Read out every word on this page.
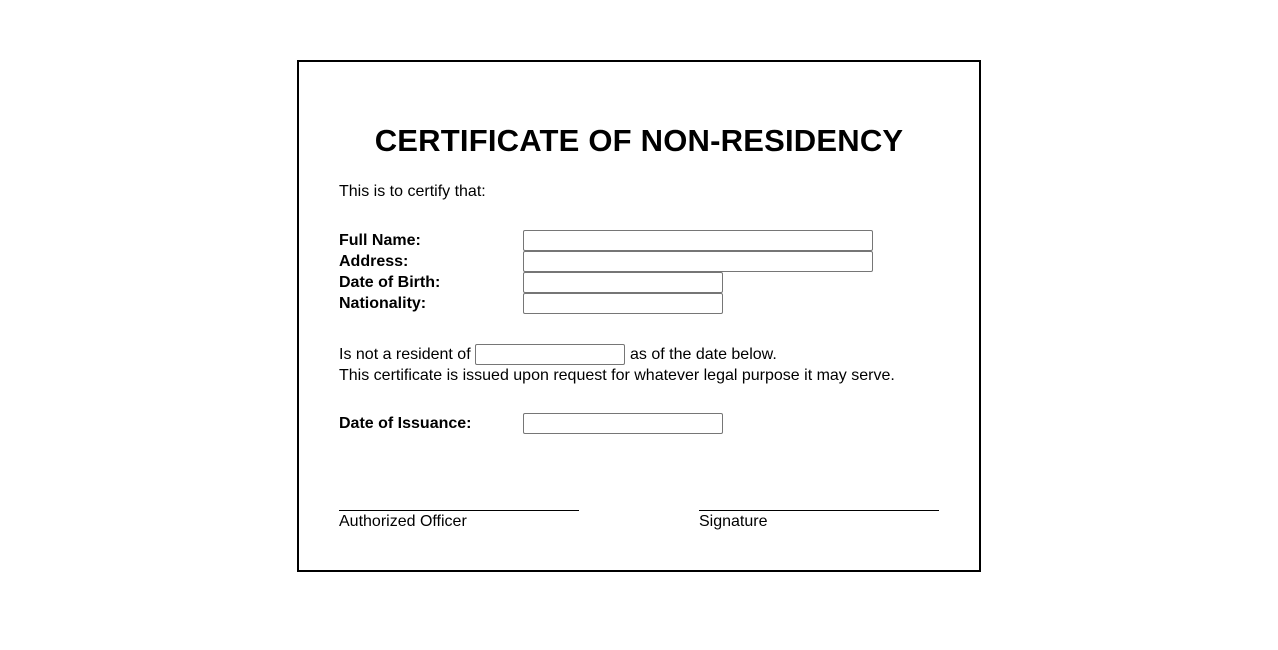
CERTIFICATE OF NON-RESIDENCY
This is to certify that:
Full Name:
Address:
Date of Birth:
Nationality:
Is not a resident of	as of the date below.
This certificate is issued upon request for whatever legal purpose it may serve.
Date of Issuance:
Authorized Officer	Signature
